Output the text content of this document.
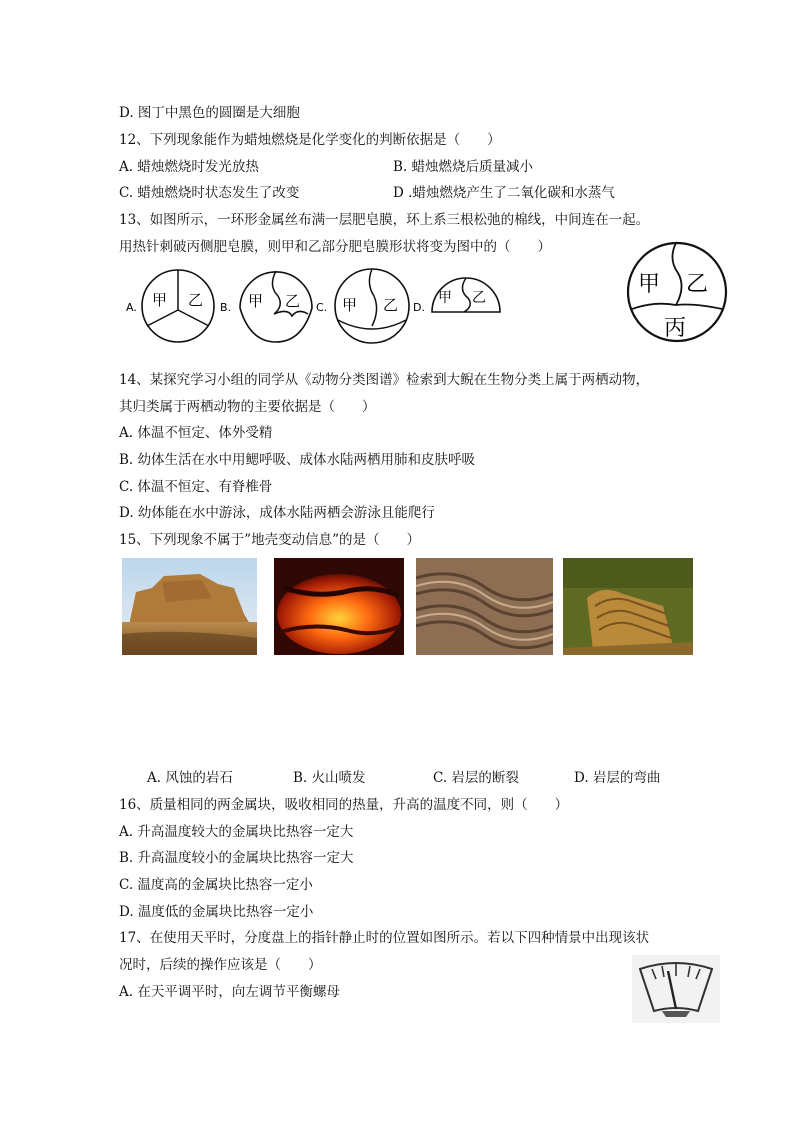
D. 图丁中黑色的圆圈是大细胞
12、下列现象能作为蜡烛燃烧是化学变化的判断依据是（　　）
A. 蜡烛燃烧时发光放热	B. 蜡烛燃烧后质量减小
C. 蜡烛燃烧时状态发生了改变	D .蜡烛燃烧产生了二氧化碳和水蒸气
13、如图所示，一环形金属丝布满一层肥皂膜，环上系三根松弛的棉线，中间连在一起。
用热针刺破丙侧肥皂膜，则甲和乙部分肥皂膜形状将变为图中的（　　）
A. 甲 乙 B. 甲 乙 C. 甲 乙 D.
甲 乙
甲 乙
丙
14、某探究学习小组的同学从《动物分类图谱》检索到大鲵在生物分类上属于两栖动物，
其归类属于两栖动物的主要依据是（　　）
A. 体温不恒定、体外受精
B. 幼体生活在水中用鳃呼吸、成体水陆两栖用肺和皮肤呼吸
C. 体温不恒定、有脊椎骨
D. 幼体能在水中游泳，成体水陆两栖会游泳且能爬行
15、下列现象不属于”地壳变动信息”的是（　　）
A. 风蚀的岩石	B. 火山喷发	C. 岩层的断裂	D. 岩层的弯曲
16、质量相同的两金属块，吸收相同的热量，升高的温度不同，则（　　）
A. 升高温度较大的金属块比热容一定大
B. 升高温度较小的金属块比热容一定大
C. 温度高的金属块比热容一定小
D. 温度低的金属块比热容一定小
17、在使用天平时，分度盘上的指针静止时的位置如图所示。若以下四种情景中出现该状
况时，后续的操作应该是（　　）
A. 在天平调平时，向左调节平衡螺母
